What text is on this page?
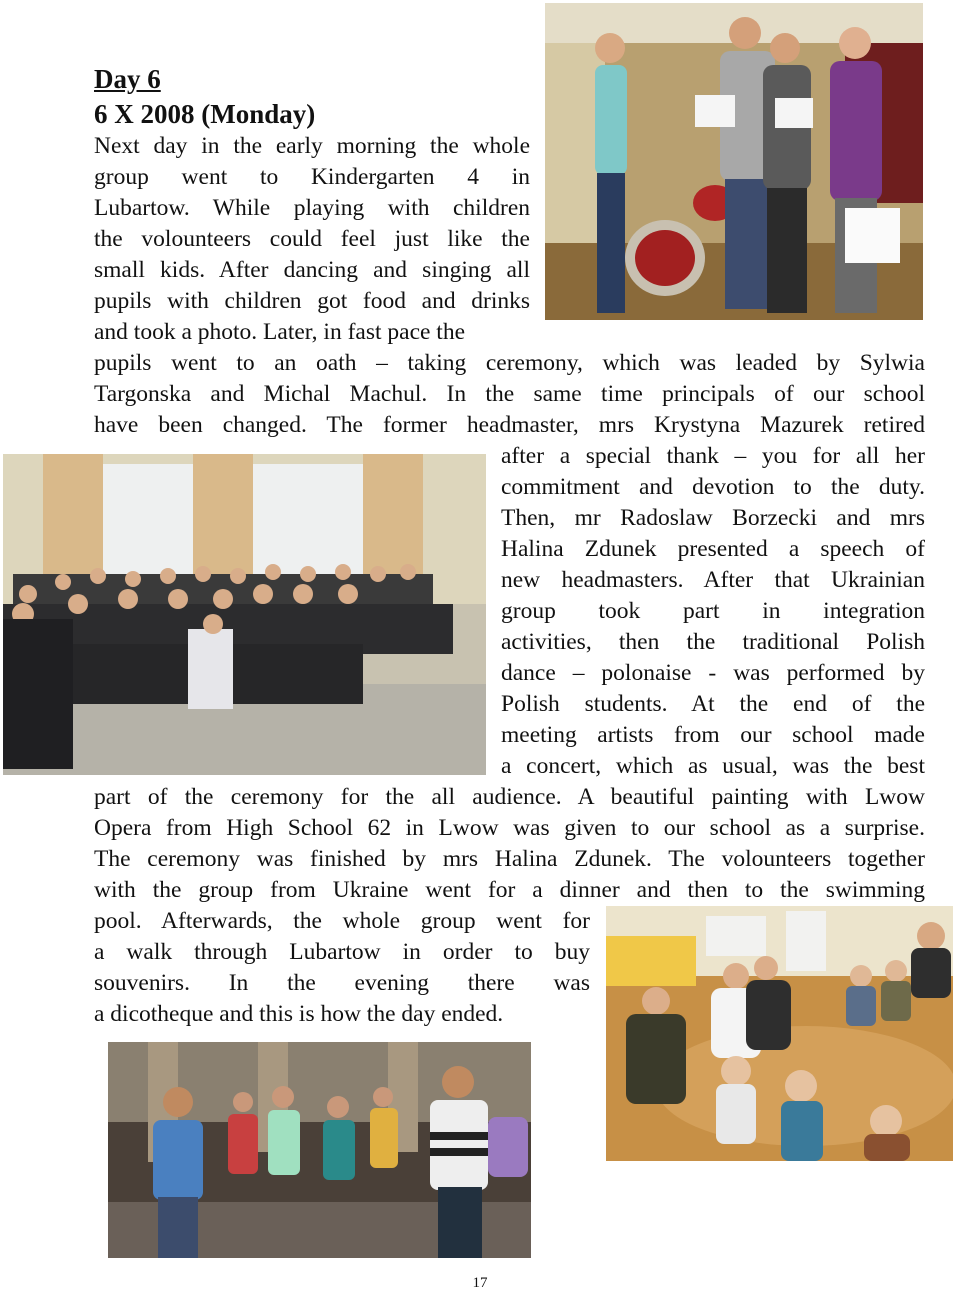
Day 6
6 X 2008 (Monday)
Next day in the early morning the whole
group went to Kindergarten 4 in
Lubartow. While playing with children
the volounteers could feel just like the
small kids. After dancing and singing all
pupils with children got food and drinks
and took a photo. Later, in fast pace the
pupils went to an oath – taking ceremony, which was leaded by Sylwia
Targonska and Michal Machul. In the same time principals of our school
have been changed. The former headmaster, mrs Krystyna Mazurek retired
after a special thank – you for all her
commitment and devotion to the duty.
Then, mr Radoslaw Borzecki and mrs
Halina Zdunek presented a speech of
new headmasters. After that Ukrainian
group took part in integration
activities, then the traditional Polish
dance – polonaise - was performed by
Polish students. At the end of the
meeting artists from our school made
a concert, which as usual, was the best
part of the ceremony for the all audience. A beautiful painting with Lwow
Opera from High School 62 in Lwow was given to our school as a surprise.
The ceremony was finished by mrs Halina Zdunek. The volounteers together
with the group from Ukraine went for a dinner and then to the swimming
pool. Afterwards, the whole group went for
a walk through Lubartow in order to buy
souvenirs. In the evening there was
a dicotheque and this is how the day ended.
17
